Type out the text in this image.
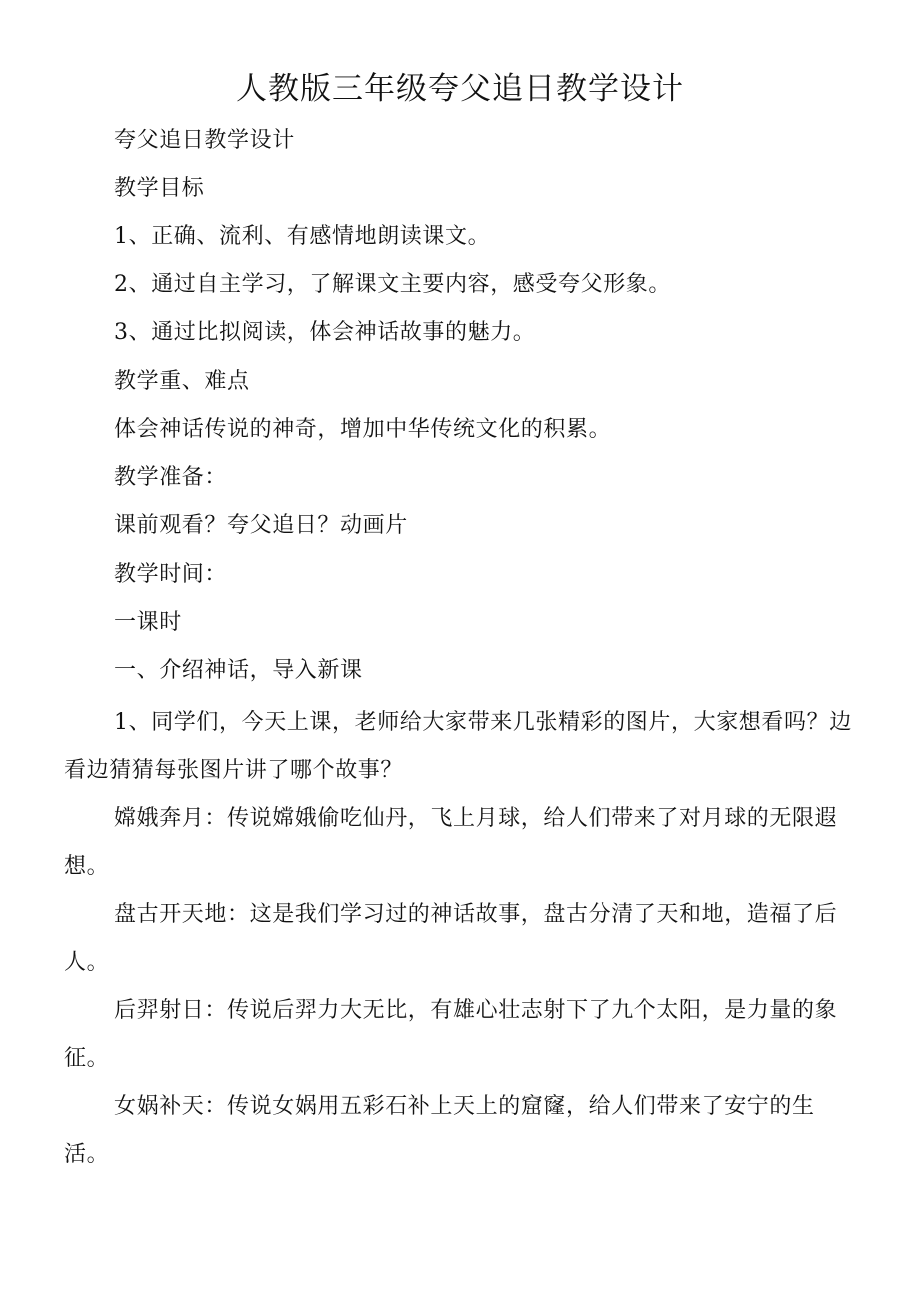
人教版三年级夸父追日教学设计
夸父追日教学设计
教学目标
1、正确、流利、有感情地朗读课文。
2、通过自主学习，了解课文主要内容，感受夸父形象。
3、通过比拟阅读，体会神话故事的魅力。
教学重、难点
体会神话传说的神奇，增加中华传统文化的积累。
教学准备：
课前观看？夸父追日？动画片
教学时间：
一课时
一、介绍神话，导入新课

1、同学们，今天上课，老师给大家带来几张精彩的图片，大家想看吗？边看边猜猜每张图片讲了哪个故事？

嫦娥奔月：传说嫦娥偷吃仙丹，飞上月球，给人们带来了对月球的无限遐想。

盘古开天地：这是我们学习过的神话故事，盘古分清了天和地，造福了后人。

后羿射日：传说后羿力大无比，有雄心壮志射下了九个太阳，是力量的象征。

女娲补天：传说女娲用五彩石补上天上的窟窿，给人们带来了安宁的生活。
